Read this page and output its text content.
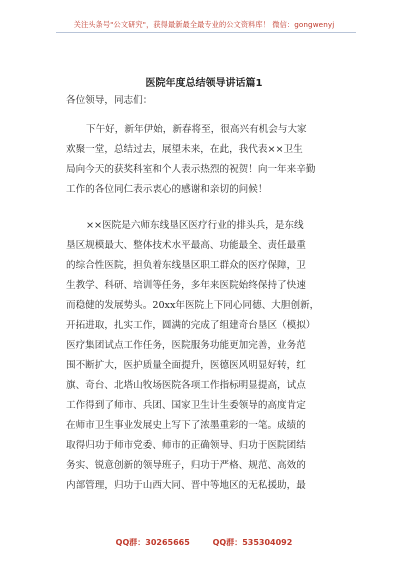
关注头条号"公文研究"，获得最新最全最专业的公文资料库！ 微信：gongwenyj
医院年度总结领导讲话篇1
各位领导，同志们：
下午好，新年伊始，新春将至，很高兴有机会与大家
欢聚一堂，总结过去，展望未来，在此，我代表××卫生
局向今天的获奖科室和个人表示热烈的祝贺！向一年来辛勤
工作的各位同仁表示衷心的感谢和亲切的问候！
××医院是六师东线垦区医疗行业的排头兵，是东线
垦区规模最大、整体技术水平最高、功能最全、责任最重
的综合性医院，担负着东线垦区职工群众的医疗保障，卫
生教学、科研、培训等任务，多年来医院始终保持了快速
而稳健的发展势头。20xx年医院上下同心同德、大胆创新，
开拓进取，扎实工作，圆满的完成了组建奇台垦区（模拟）
医疗集团试点工作任务，医院服务功能更加完善，业务范
围不断扩大，医护质量全面提升，医德医风明显好转，红
旗、奇台、北塔山牧场医院各项工作指标明显提高，试点
工作得到了师市、兵团、国家卫生计生委领导的高度肯定
在师市卫生事业发展史上写下了浓墨重彩的一笔。成绩的
取得归功于师市党委、师市的正确领导、归功于医院团结
务实、锐意创新的领导班子，归功于严格、规范、高效的
内部管理，归功于山西大同、晋中等地区的无私援助，最
QQ群：30265665	QQ群：535304092
